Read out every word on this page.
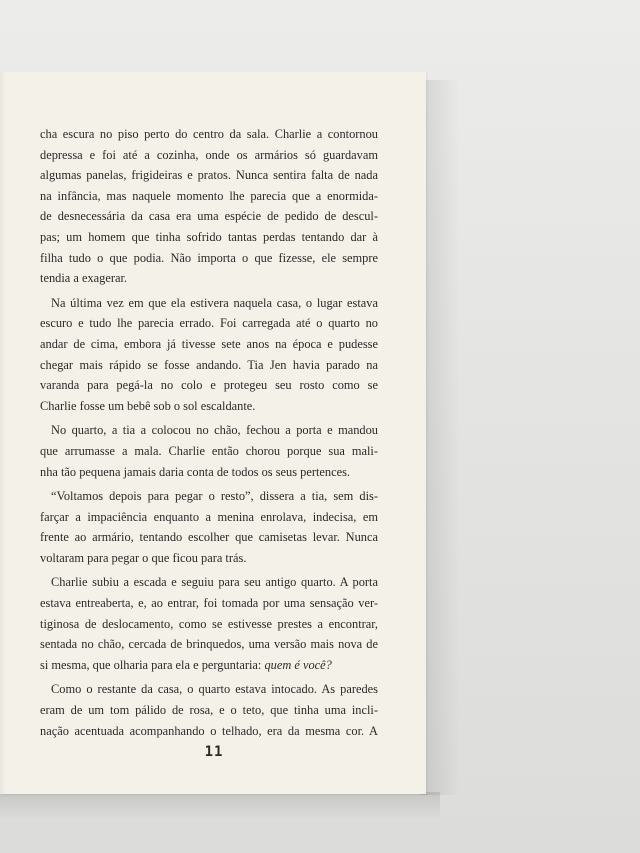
cha escura no piso perto do centro da sala. Charlie a contornou
depressa e foi até a cozinha, onde os armários só guardavam
algumas panelas, frigideiras e pratos. Nunca sentira falta de nada
na infância, mas naquele momento lhe parecia que a enormida-
de desnecessária da casa era uma espécie de pedido de descul-
pas; um homem que tinha sofrido tantas perdas tentando dar à
filha tudo o que podia. Não importa o que fizesse, ele sempre
tendia a exagerar.

Na última vez em que ela estivera naquela casa, o lugar estava
escuro e tudo lhe parecia errado. Foi carregada até o quarto no
andar de cima, embora já tivesse sete anos na época e pudesse
chegar mais rápido se fosse andando. Tia Jen havia parado na
varanda para pegá-la no colo e protegeu seu rosto como se
Charlie fosse um bebê sob o sol escaldante.

No quarto, a tia a colocou no chão, fechou a porta e mandou
que arrumasse a mala. Charlie então chorou porque sua mali-
nha tão pequena jamais daria conta de todos os seus pertences.

“Voltamos depois para pegar o resto”, dissera a tia, sem dis-
farçar a impaciência enquanto a menina enrolava, indecisa, em
frente ao armário, tentando escolher que camisetas levar. Nunca
voltaram para pegar o que ficou para trás.

Charlie subiu a escada e seguiu para seu antigo quarto. A porta
estava entreaberta, e, ao entrar, foi tomada por uma sensação ver-
tiginosa de deslocamento, como se estivesse prestes a encontrar,
sentada no chão, cercada de brinquedos, uma versão mais nova de
si mesma, que olharia para ela e perguntaria: quem é você?

Como o restante da casa, o quarto estava intocado. As paredes
eram de um tom pálido de rosa, e o teto, que tinha uma incli-
nação acentuada acompanhando o telhado, era da mesma cor. A

11
